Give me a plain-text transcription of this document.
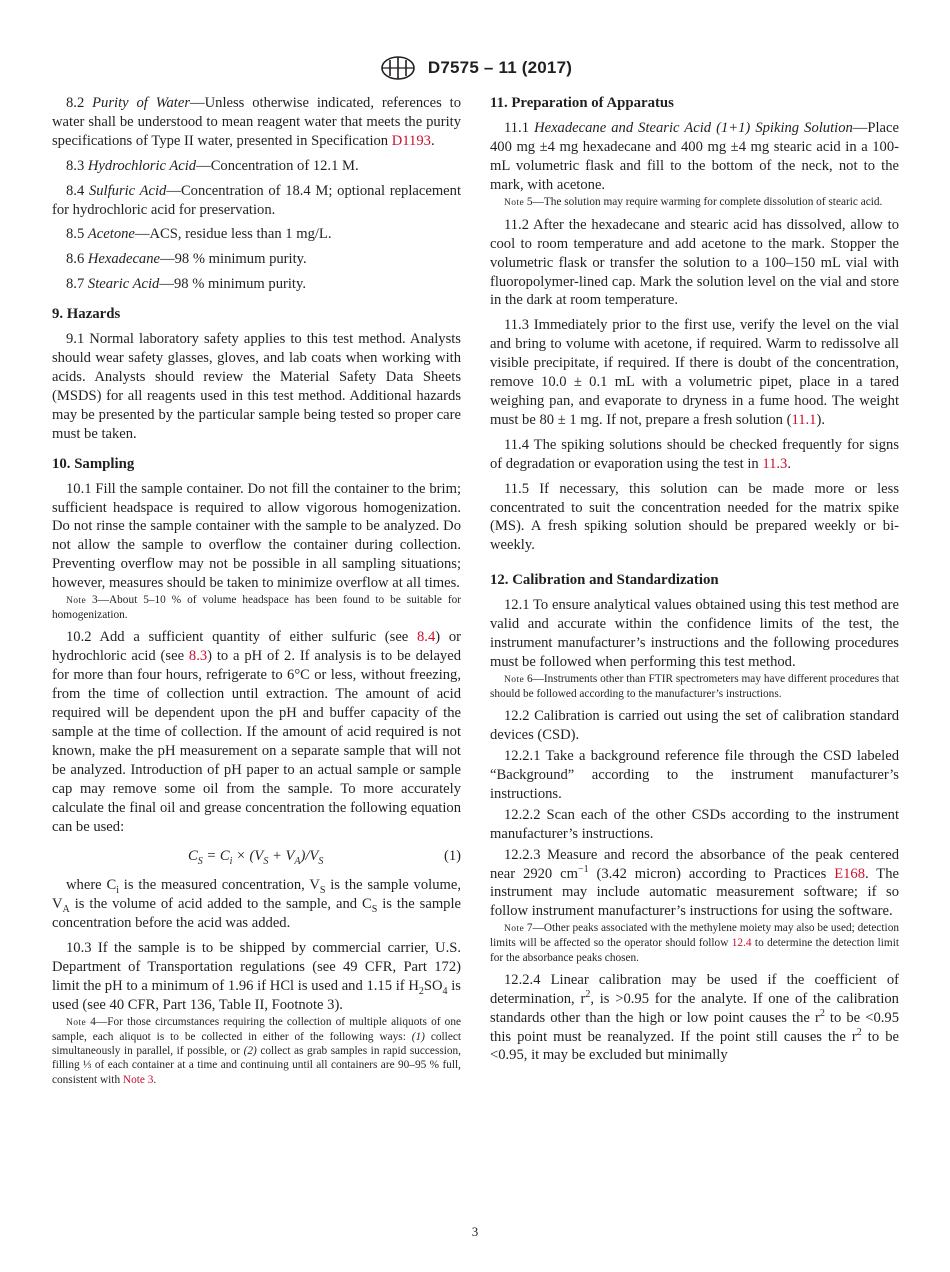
D7575 – 11 (2017)

8.2 Purity of Water—Unless otherwise indicated, references to water shall be understood to mean reagent water that meets the purity specifications of Type II water, presented in Specification D1193.

8.3 Hydrochloric Acid—Concentration of 12.1 M.

8.4 Sulfuric Acid—Concentration of 18.4 M; optional replacement for hydrochloric acid for preservation.

8.5 Acetone—ACS, residue less than 1 mg/L.

8.6 Hexadecane—98 % minimum purity.

8.7 Stearic Acid—98 % minimum purity.

9. Hazards

9.1 Normal laboratory safety applies to this test method. Analysts should wear safety glasses, gloves, and lab coats when working with acids. Analysts should review the Material Safety Data Sheets (MSDS) for all reagents used in this test method. Additional hazards may be presented by the particular sample being tested so proper care must be taken.

10. Sampling

10.1 Fill the sample container. Do not fill the container to the brim; sufficient headspace is required to allow vigorous homogenization. Do not rinse the sample container with the sample to be analyzed. Do not allow the sample to overflow the container during collection. Preventing overflow may not be possible in all sampling situations; however, measures should be taken to minimize overflow at all times.

Note 3—About 5–10 % of volume headspace has been found to be suitable for homogenization.

10.2 Add a sufficient quantity of either sulfuric (see 8.4) or hydrochloric acid (see 8.3) to a pH of 2. If analysis is to be delayed for more than four hours, refrigerate to 6°C or less, without freezing, from the time of collection until extraction. The amount of acid required will be dependent upon the pH and buffer capacity of the sample at the time of collection. If the amount of acid required is not known, make the pH measurement on a separate sample that will not be analyzed. Introduction of pH paper to an actual sample or sample cap may remove some oil from the sample. To more accurately calculate the final oil and grease concentration the following equation can be used:

$C_S = C_i \times (V_S + V_A)/V_S$	(1)

where $C_i$ is the measured concentration, $V_S$ is the sample volume, $V_A$ is the volume of acid added to the sample, and $C_S$ is the sample concentration before the acid was added.

10.3 If the sample is to be shipped by commercial carrier, U.S. Department of Transportation regulations (see 49 CFR, Part 172) limit the pH to a minimum of 1.96 if HCl is used and 1.15 if $H_2SO_4$ is used (see 40 CFR, Part 136, Table II, Footnote 3).

Note 4—For those circumstances requiring the collection of multiple aliquots of one sample, each aliquot is to be collected in either of the following ways: (1) collect simultaneously in parallel, if possible, or (2) collect as grab samples in rapid succession, filling ⅓ of each container at a time and continuing until all containers are 90–95 % full, consistent with Note 3.

11. Preparation of Apparatus

11.1 Hexadecane and Stearic Acid (1+1) Spiking Solution—Place 400 mg ±4 mg hexadecane and 400 mg ±4 mg stearic acid in a 100-mL volumetric flask and fill to the bottom of the neck, not to the mark, with acetone.

Note 5—The solution may require warming for complete dissolution of stearic acid.

11.2 After the hexadecane and stearic acid has dissolved, allow to cool to room temperature and add acetone to the mark. Stopper the volumetric flask or transfer the solution to a 100–150 mL vial with fluoropolymer-lined cap. Mark the solution level on the vial and store in the dark at room temperature.

11.3 Immediately prior to the first use, verify the level on the vial and bring to volume with acetone, if required. Warm to redissolve all visible precipitate, if required. If there is doubt of the concentration, remove 10.0 ± 0.1 mL with a volumetric pipet, place in a tared weighing pan, and evaporate to dryness in a fume hood. The weight must be 80 ± 1 mg. If not, prepare a fresh solution (11.1).

11.4 The spiking solutions should be checked frequently for signs of degradation or evaporation using the test in 11.3.

11.5 If necessary, this solution can be made more or less concentrated to suit the concentration needed for the matrix spike (MS). A fresh spiking solution should be prepared weekly or bi-weekly.

12. Calibration and Standardization

12.1 To ensure analytical values obtained using this test method are valid and accurate within the confidence limits of the test, the instrument manufacturer’s instructions and the following procedures must be followed when performing this test method.

Note 6—Instruments other than FTIR spectrometers may have different procedures that should be followed according to the manufacturer’s instructions.

12.2 Calibration is carried out using the set of calibration standard devices (CSD).

12.2.1 Take a background reference file through the CSD labeled “Background” according to the instrument manufacturer’s instructions.

12.2.2 Scan each of the other CSDs according to the instrument manufacturer’s instructions.

12.2.3 Measure and record the absorbance of the peak centered near 2920 $cm^{-1}$ (3.42 micron) according to Practices E168. The instrument may include automatic measurement software; if so follow instrument manufacturer’s instructions for using the software.

Note 7—Other peaks associated with the methylene moiety may also be used; detection limits will be affected so the operator should follow 12.4 to determine the detection limit for the absorbance peaks chosen.

12.2.4 Linear calibration may be used if the coefficient of determination, $r^2$, is >0.95 for the analyte. If one of the calibration standards other than the high or low point causes the $r^2$ to be <0.95 this point must be reanalyzed. If the point still causes the $r^2$ to be <0.95, it may be excluded but minimally

3
